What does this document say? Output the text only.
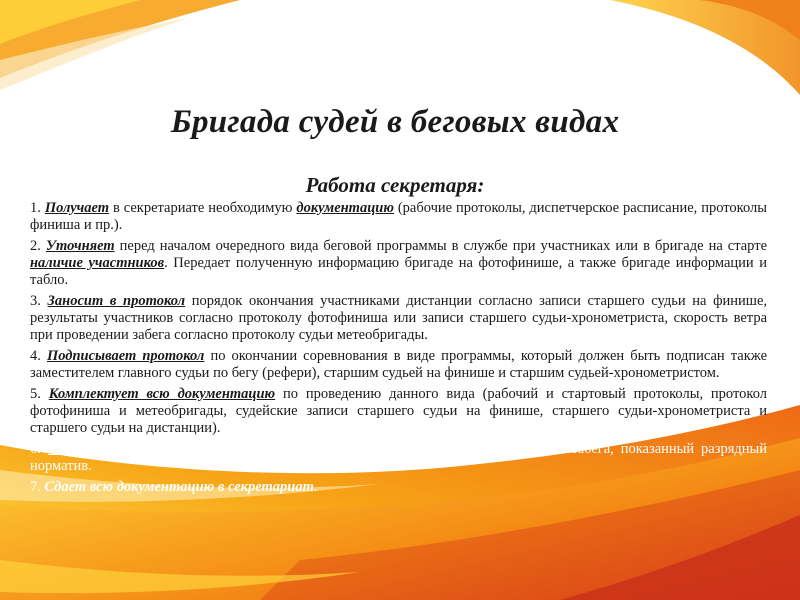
Бригада судей в беговых видах
Работа секретаря:

1. Получает в секретариате необходимую документацию (рабочие протоколы, диспетчерское расписание, протоколы финиша и пр.).

2. Уточняет перед началом очередного вида беговой программы в службе при участниках или в бригаде на старте наличие участников. Передает полученную информацию бригаде на фотофинише, а также бригаде информации и табло.

3. Заносит в протокол порядок окончания участниками дистанции согласно записи старшего судьи на финише, результаты участников согласно протоколу фотофиниша или записи старшего судьи-хронометриста, скорость ветра при проведении забега согласно протоколу судьи метеобригады.

4. Подписывает протокол по окончании соревнования в виде программы, который должен быть подписан также заместителем главного судьи по бегу (рефери), старшим судьей на финише и старшим судьей-хронометристом.

5. Комплектует всю документацию по проведению данного вида (рабочий и стартовый протоколы, протокол фотофиниша и метеобригады, судейские записи старшего судьи на финише, старшего судьи-хронометриста и старшего судьи на дистанции).

6. Заносит в карточки время, показанное участниками, скорость ветра во время забега, показанный разрядный норматив.

7. Сдает всю документацию в секретариат.
